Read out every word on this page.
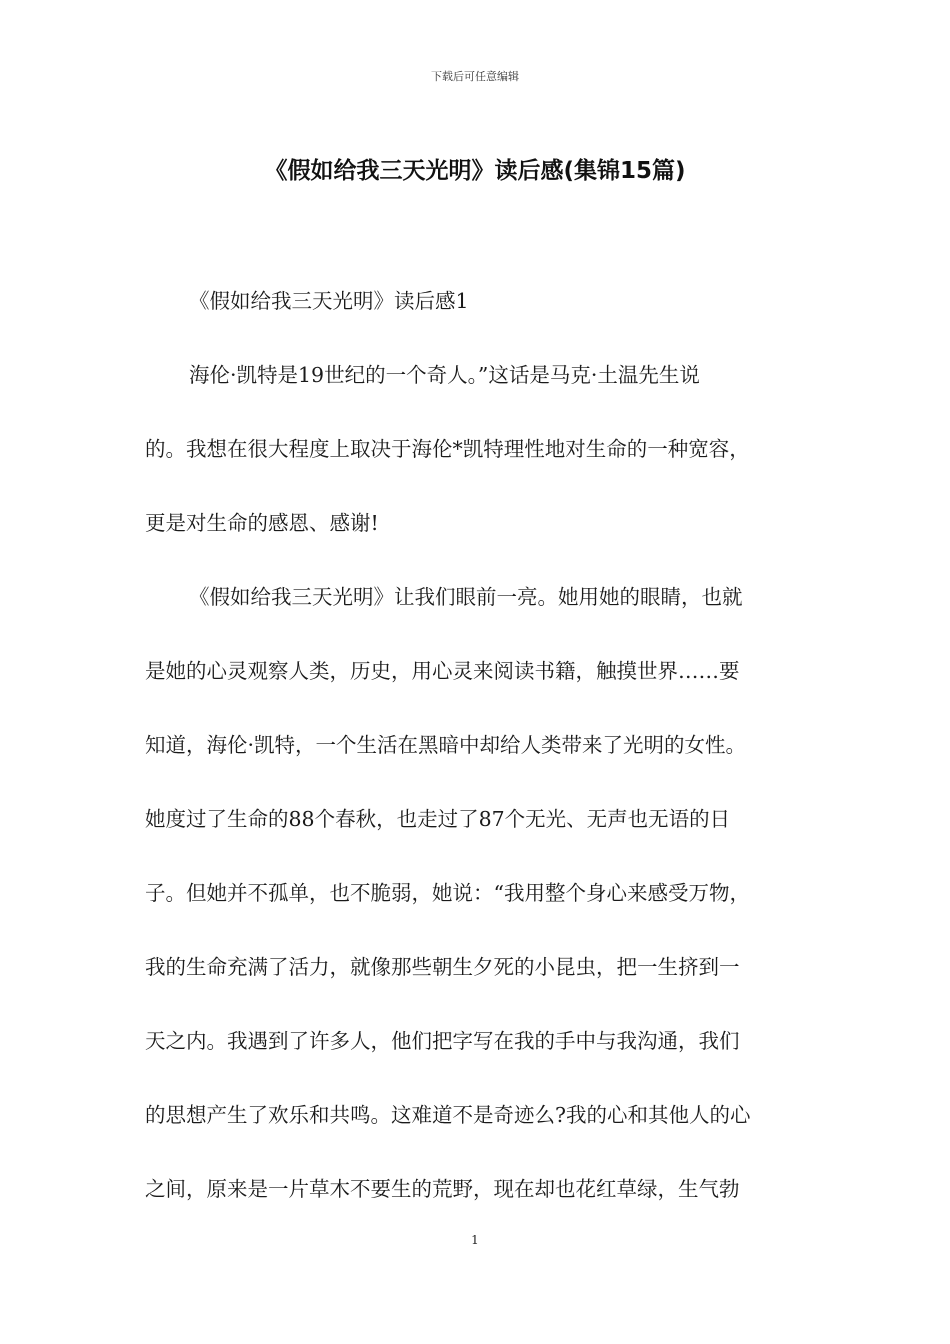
下载后可任意编辑
《假如给我三天光明》读后感(集锦15篇)
《假如给我三天光明》读后感1
海伦·凯特是19世纪的一个奇人。”这话是马克·土温先生说
的。我想在很大程度上取决于海伦*凯特理性地对生命的一种宽容，
更是对生命的感恩、感谢!
《假如给我三天光明》让我们眼前一亮。她用她的眼睛，也就
是她的心灵观察人类，历史，用心灵来阅读书籍，触摸世界……要
知道，海伦·凯特，一个生活在黑暗中却给人类带来了光明的女性。
她度过了生命的88个春秋，也走过了87个无光、无声也无语的日
子。但她并不孤单，也不脆弱，她说：“我用整个身心来感受万物，
我的生命充满了活力，就像那些朝生夕死的小昆虫，把一生挤到一
天之内。我遇到了许多人，他们把字写在我的手中与我沟通，我们
的思想产生了欢乐和共鸣。这难道不是奇迹么?我的心和其他人的心
之间，原来是一片草木不要生的荒野，现在却也花红草绿，生气勃
1
